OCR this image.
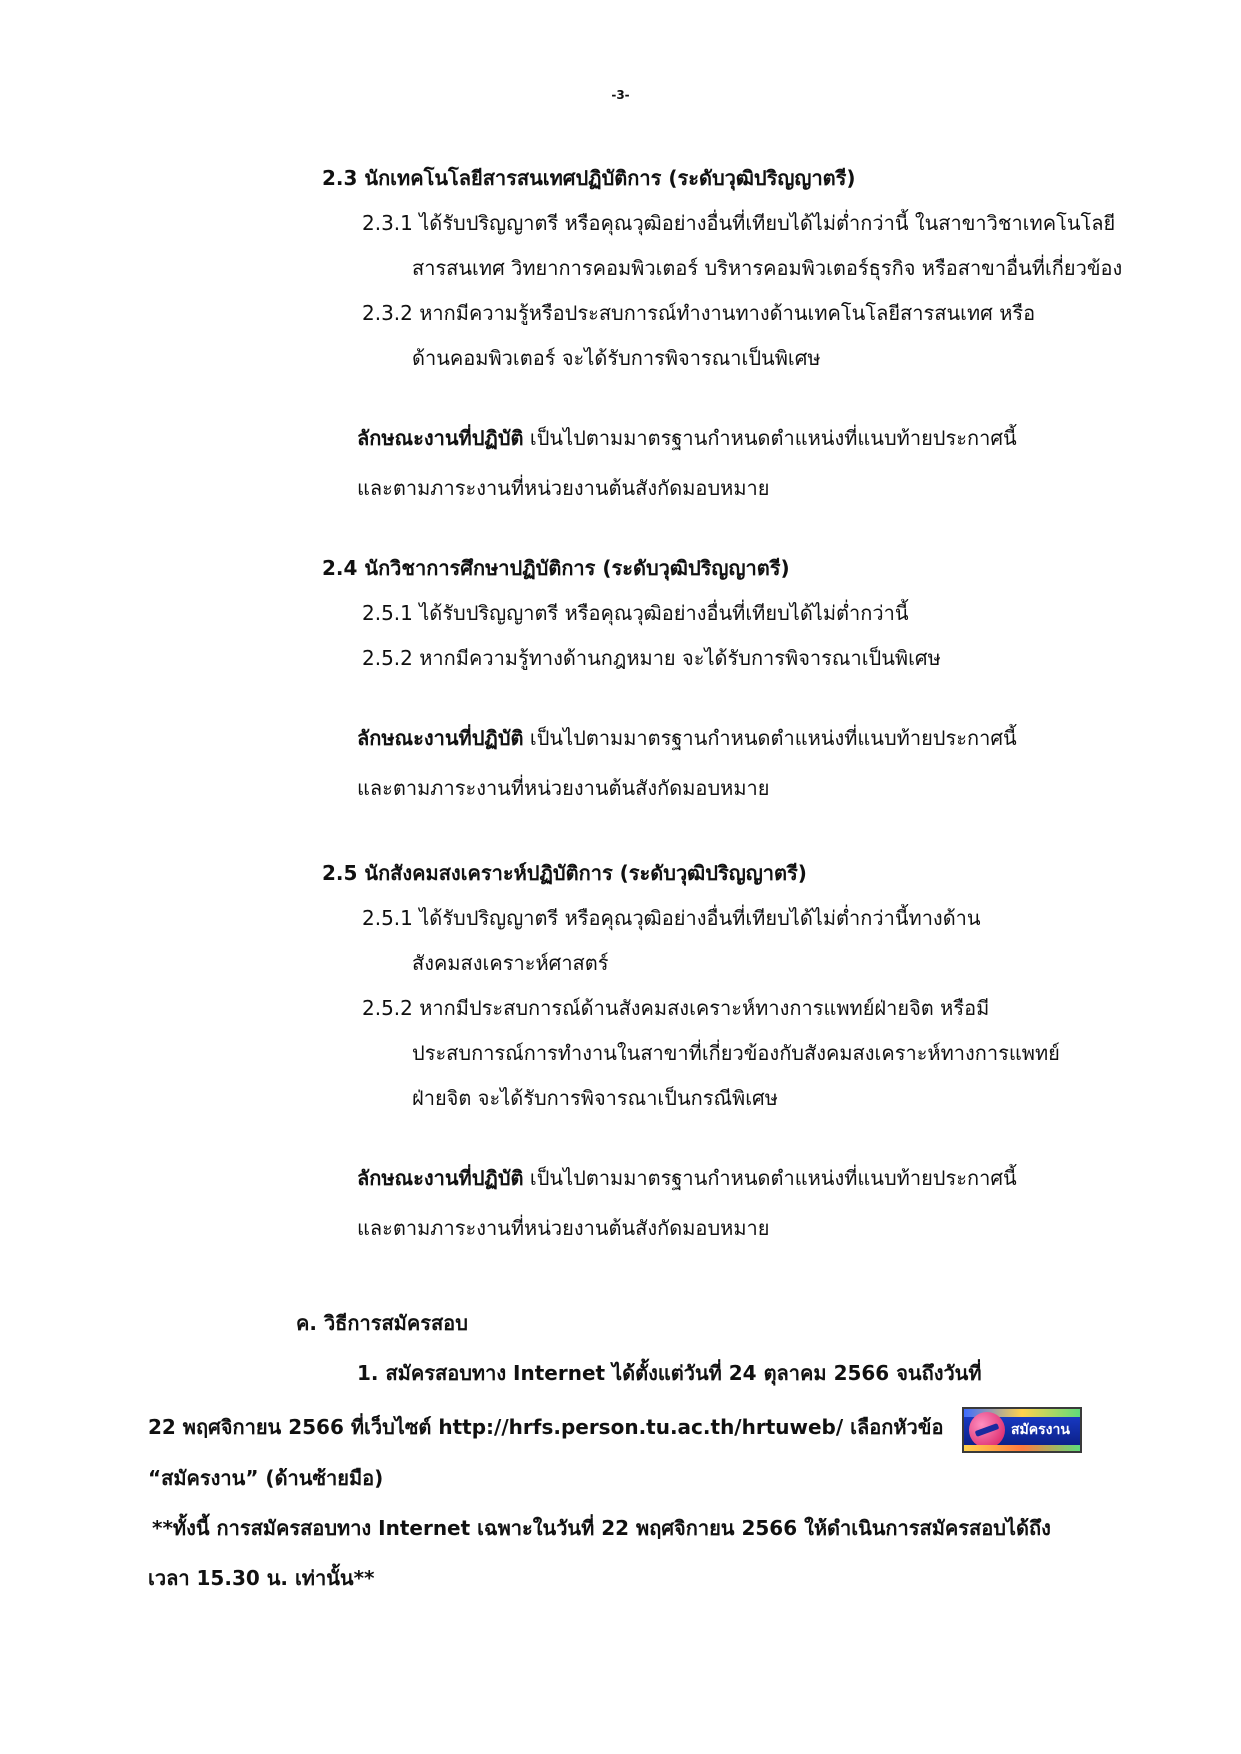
-3-
2.3 นักเทคโนโลยีสารสนเทศปฏิบัติการ (ระดับวุฒิปริญญาตรี)
2.3.1 ได้รับปริญญาตรี หรือคุณวุฒิอย่างอื่นที่เทียบได้ไม่ต่ำกว่านี้ ในสาขาวิชาเทคโนโลยี
สารสนเทศ วิทยาการคอมพิวเตอร์ บริหารคอมพิวเตอร์ธุรกิจ หรือสาขาอื่นที่เกี่ยวข้อง
2.3.2 หากมีความรู้หรือประสบการณ์ทำงานทางด้านเทคโนโลยีสารสนเทศ หรือ
ด้านคอมพิวเตอร์ จะได้รับการพิจารณาเป็นพิเศษ
ลักษณะงานที่ปฏิบัติ เป็นไปตามมาตรฐานกำหนดตำแหน่งที่แนบท้ายประกาศนี้
และตามภาระงานที่หน่วยงานต้นสังกัดมอบหมาย
2.4 นักวิชาการศึกษาปฏิบัติการ (ระดับวุฒิปริญญาตรี)
2.5.1 ได้รับปริญญาตรี หรือคุณวุฒิอย่างอื่นที่เทียบได้ไม่ต่ำกว่านี้
2.5.2 หากมีความรู้ทางด้านกฎหมาย จะได้รับการพิจารณาเป็นพิเศษ
ลักษณะงานที่ปฏิบัติ เป็นไปตามมาตรฐานกำหนดตำแหน่งที่แนบท้ายประกาศนี้
และตามภาระงานที่หน่วยงานต้นสังกัดมอบหมาย
2.5 นักสังคมสงเคราะห์ปฏิบัติการ (ระดับวุฒิปริญญาตรี)
2.5.1 ได้รับปริญญาตรี หรือคุณวุฒิอย่างอื่นที่เทียบได้ไม่ต่ำกว่านี้ทางด้าน
สังคมสงเคราะห์ศาสตร์
2.5.2 หากมีประสบการณ์ด้านสังคมสงเคราะห์ทางการแพทย์ฝ่ายจิต หรือมี
ประสบการณ์การทำงานในสาขาที่เกี่ยวข้องกับสังคมสงเคราะห์ทางการแพทย์
ฝ่ายจิต จะได้รับการพิจารณาเป็นกรณีพิเศษ
ลักษณะงานที่ปฏิบัติ เป็นไปตามมาตรฐานกำหนดตำแหน่งที่แนบท้ายประกาศนี้
และตามภาระงานที่หน่วยงานต้นสังกัดมอบหมาย
ค. วิธีการสมัครสอบ
1. สมัครสอบทาง Internet ได้ตั้งแต่วันที่ 24 ตุลาคม 2566 จนถึงวันที่
22 พฤศจิกายน 2566 ที่เว็บไซต์ http://hrfs.person.tu.ac.th/hrtuweb/ เลือกหัวข้อ	สมัครงาน
“สมัครงาน” (ด้านซ้ายมือ)
**ทั้งนี้ การสมัครสอบทาง Internet เฉพาะในวันที่ 22 พฤศจิกายน 2566 ให้ดำเนินการสมัครสอบได้ถึง
เวลา 15.30 น. เท่านั้น**
